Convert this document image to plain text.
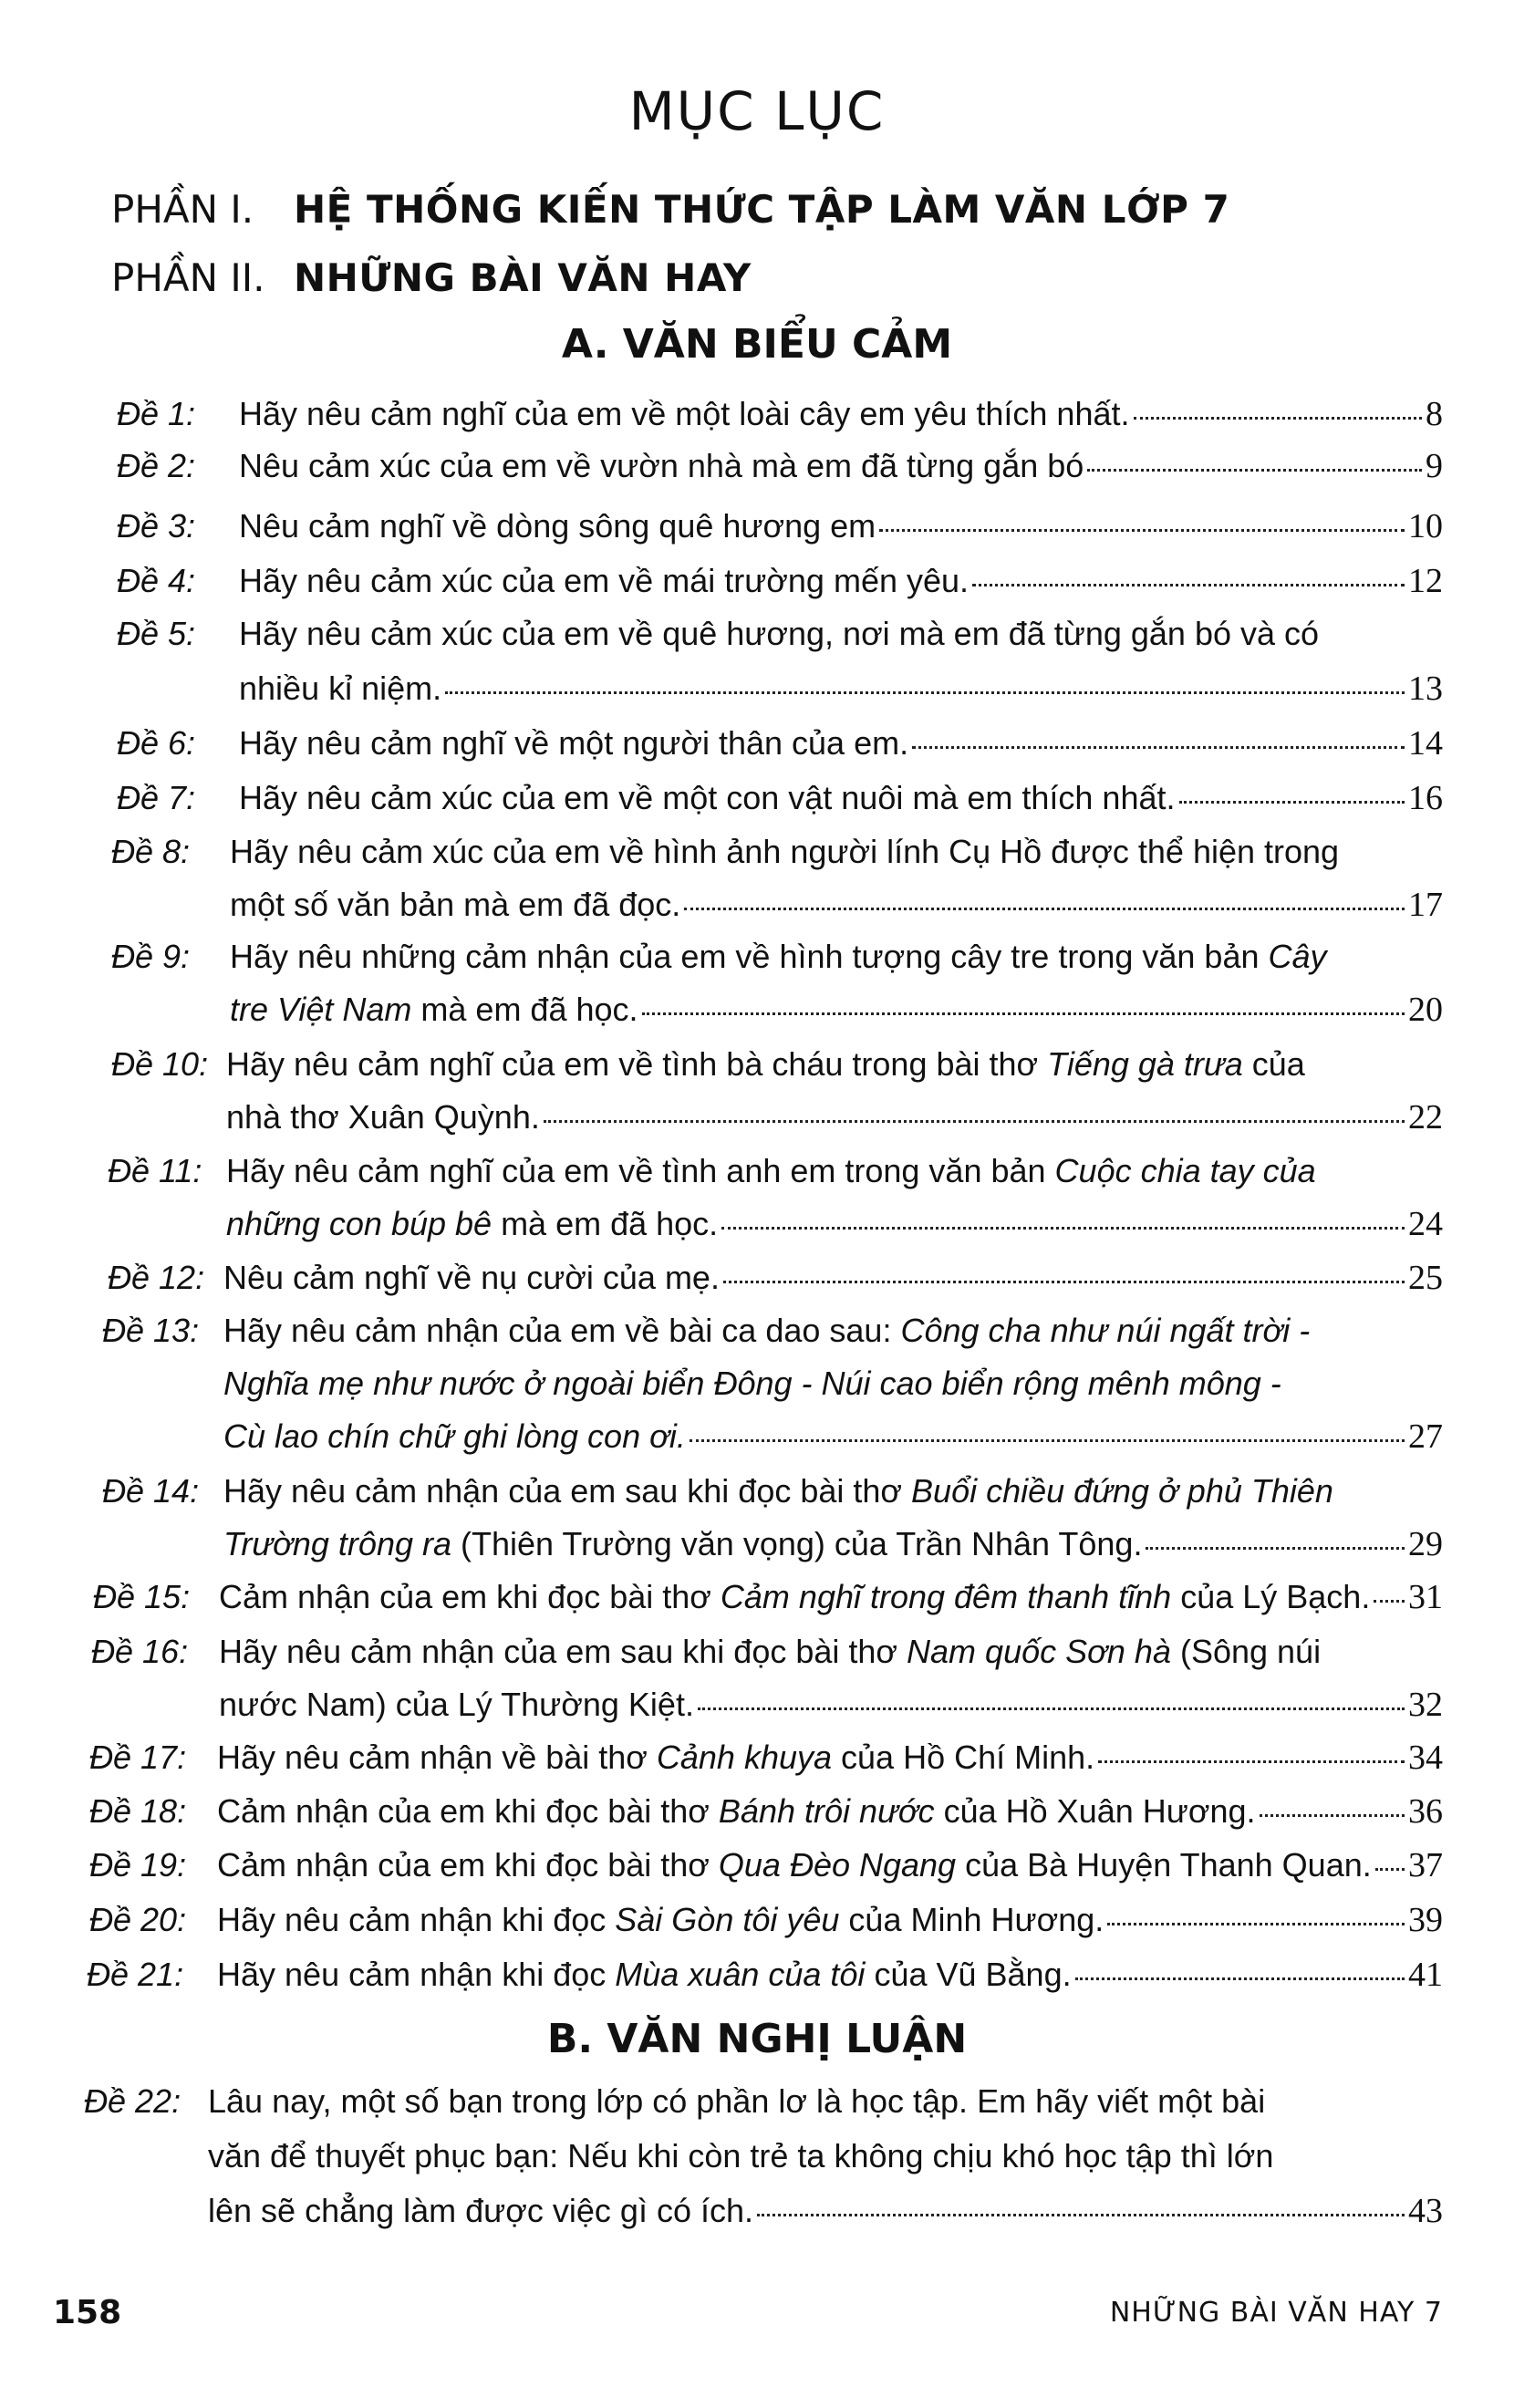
MỤC LỤC
PHẦN I. HỆ THỐNG KIẾN THỨC TẬP LÀM VĂN LỚP 7
PHẦN II. NHỮNG BÀI VĂN HAY
A. VĂN BIỂU CẢM
B. VĂN NGHỊ LUẬN
Đề 1: Hãy nêu cảm nghĩ của em về một loài cây em yêu thích nhất.	8
Đề 2: Nêu cảm xúc của em về vườn nhà mà em đã từng gắn bó	9
Đề 3: Nêu cảm nghĩ về dòng sông quê hương em	10
Đề 4: Hãy nêu cảm xúc của em về mái trường mến yêu.	12
Đề 5: Hãy nêu cảm xúc của em về quê hương, nơi mà em đã từng gắn bó và có
nhiều kỉ niệm.	13
Đề 6: Hãy nêu cảm nghĩ về một người thân của em.	14
Đề 7: Hãy nêu cảm xúc của em về một con vật nuôi mà em thích nhất.	16
Đề 8: Hãy nêu cảm xúc của em về hình ảnh người lính Cụ Hồ được thể hiện trong
một số văn bản mà em đã đọc.	17
Đề 9: Hãy nêu những cảm nhận của em về hình tượng cây tre trong văn bản Cây
tre Việt Nam mà em đã học.	20
Đề 10: Hãy nêu cảm nghĩ của em về tình bà cháu trong bài thơ Tiếng gà trưa của
nhà thơ Xuân Quỳnh.	22
Đề 11: Hãy nêu cảm nghĩ của em về tình anh em trong văn bản Cuộc chia tay của
những con búp bê mà em đã học.	24
Đề 12: Nêu cảm nghĩ về nụ cười của mẹ.	25
Đề 13: Hãy nêu cảm nhận của em về bài ca dao sau: Công cha như núi ngất trời -
Nghĩa mẹ như nước ở ngoài biển Đông - Núi cao biển rộng mênh mông -
Cù lao chín chữ ghi lòng con ơi.	27
Đề 14: Hãy nêu cảm nhận của em sau khi đọc bài thơ Buổi chiều đứng ở phủ Thiên
Trường trông ra (Thiên Trường văn vọng) của Trần Nhân Tông.	29
Đề 15: Cảm nhận của em khi đọc bài thơ Cảm nghĩ trong đêm thanh tĩnh của Lý Bạch. 31
Đề 16: Hãy nêu cảm nhận của em sau khi đọc bài thơ Nam quốc Sơn hà (Sông núi
nước Nam) của Lý Thường Kiệt.	32
Đề 17: Hãy nêu cảm nhận về bài thơ Cảnh khuya của Hồ Chí Minh.	34
Đề 18: Cảm nhận của em khi đọc bài thơ Bánh trôi nước của Hồ Xuân Hương.	36
Đề 19: Cảm nhận của em khi đọc bài thơ Qua Đèo Ngang của Bà Huyện Thanh Quan. 37
Đề 20: Hãy nêu cảm nhận khi đọc Sài Gòn tôi yêu của Minh Hương.	39
Đề 21: Hãy nêu cảm nhận khi đọc Mùa xuân của tôi của Vũ Bằng.	41
Đề 22: Lâu nay, một số bạn trong lớp có phần lơ là học tập. Em hãy viết một bài
văn để thuyết phục bạn: Nếu khi còn trẻ ta không chịu khó học tập thì lớn
lên sẽ chẳng làm được việc gì có ích.	43
158	NHỮNG BÀI VĂN HAY 7
